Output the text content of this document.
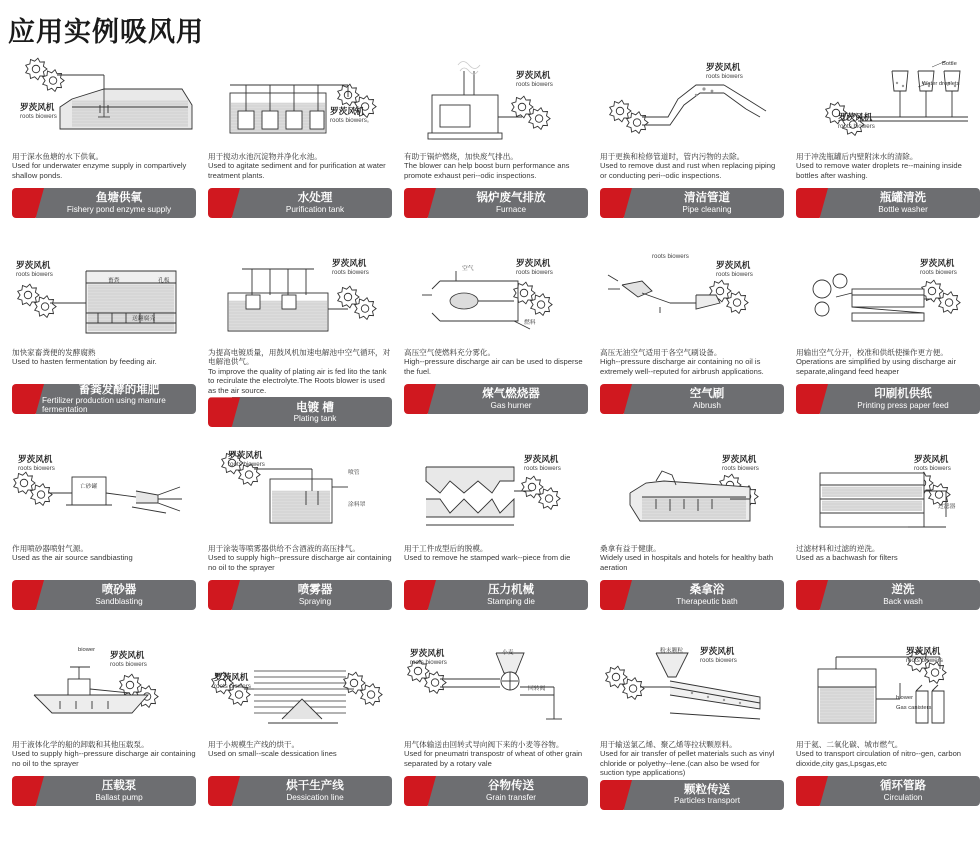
应用实例吸风用
罗茨风机
roots biowers
用于深水鱼塘的水下供氧。
Used for underwater enzyme supply in compartively shallow ponds.
鱼塘供氧
Fishery pond enzyme supply
罗茨风机
roots biowers。
用于搅动水池沉淀物并净化水池。
Used to agitate sediment and for purification at water treatment plants.
水处理
Purification tank
罗茨风机
roots biowers
有助于锅炉燃烧，加快废气排出。
The blower can help boost burn performance ans promote exhaust peri--odic inspections.
锅炉废气排放
Furnace
罗茨风机
roots biowers
用于更换和检修管道时，管内污物的去除。
Used to remove dust and rust when replacing piping or conducting peri--odic inspections.
清洁管道
Pipe cleaning
罗茨风机
roots biowers
Bottle
Water droplets
用于冲洗瓶罐后内壁附沫水的清除。
Used to remove water droplets re--maining inside bottles after washing.
瓶罐清洗
Bottle washer
罗茨风机
roots biowers
畜粪	孔板
送翻腐壳
加快家畜粪便的发酵腐熟
Used to hasten fermentation by feeding air.
畜粪发酵的堆肥
Fertilizer production using manure fermentation
罗茨风机
roots biowers
为提高电镀质量，用鼓风机加速电解池中空气循环，对电解池供气。
To improve the quality of plating air is fed lito the tank to recirulate the electrolyte.The Roots blower is used as the air source.
电镀 槽
Plating tank
罗茨风机
roots biowers
空气
燃料
高压空气使燃料充分雾化。
High--pressure discharge air can be used to disperse the fuel.
煤气燃烧器
Gas hurner
roots biowers
罗茨风机
roots biowers
高压无油空气适用于各空气刷设备。
High--pressure discharge air containing no oil is extremely well--reputed for airbrush applications.
空气刷
Aibrush
罗茨风机
roots biowers
用输出空气分开，校准和供纸使操作更方便。
Operations are simplified by using discharge air separate,alingand feed heaper
印刷机供纸
Printing press paper feed
罗茨风机
roots biowers
亡砂罐
作用喷砂器喷射气源。
Used as the air source sandbiasting
喷砂器
Sandblasting
罗茨风机
roots biowers
喷管
涂料罩
用于涂装等喷雾器供给不含酒液的高压排气。
Used to supply high--pressure discharge air containing no oil to the sprayer
喷雾器
Spraying
罗茨风机
roots biowers
用于工件成型后的脱模。
Used to remove he stamped wark--piece from die
压力机械
Stamping die
罗茨风机
roots biowers
桑拿有益于健康。
Widely used in hospitals and hotels for healthy bath aeration
桑拿浴
Therapeutic bath
罗茨风机
roots biowers
过滤器
过滤材料和过滤的逆洗。
Used as a bachwash for filters
逆洗
Back wash
罗茨风机
roots biowers
biower
用于液体化学的船的卸载和其他压载泵。
Used to supply high--pressure discharge air containing no oil to the sprayer
压载泵
Ballast pump
罗茨风机
roots biowers
用于小规模生产线的烘干。
Used on small--scale dessication lines
烘干生产线
Dessication line
罗茨风机
roots biowers
小麦
回转阀
用气体输送由回转式导向阀下来的小麦等谷物。
Used for pneumatri transpostr of wheat of other grain separated by a rotary vale
谷物传送
Grain transfer
罗茨风机
roots biowers
粉末颗粒
用于输送氯乙烯、聚乙烯等拉状颗原料。
Used for air transfer of pellet materials such as vinyl chloride or polyethy--lene.(can also be wsed for suction type applications)
颗粒传送
Particles transport
罗茨风机
roots biowers
biower
Gas canisters
用于氦、二氧化碳、城市燃气。
Used to transport circulation of nitro--gen, carbon dioxide,city gas,Lpsgas,etc
循环管路
Circulation
